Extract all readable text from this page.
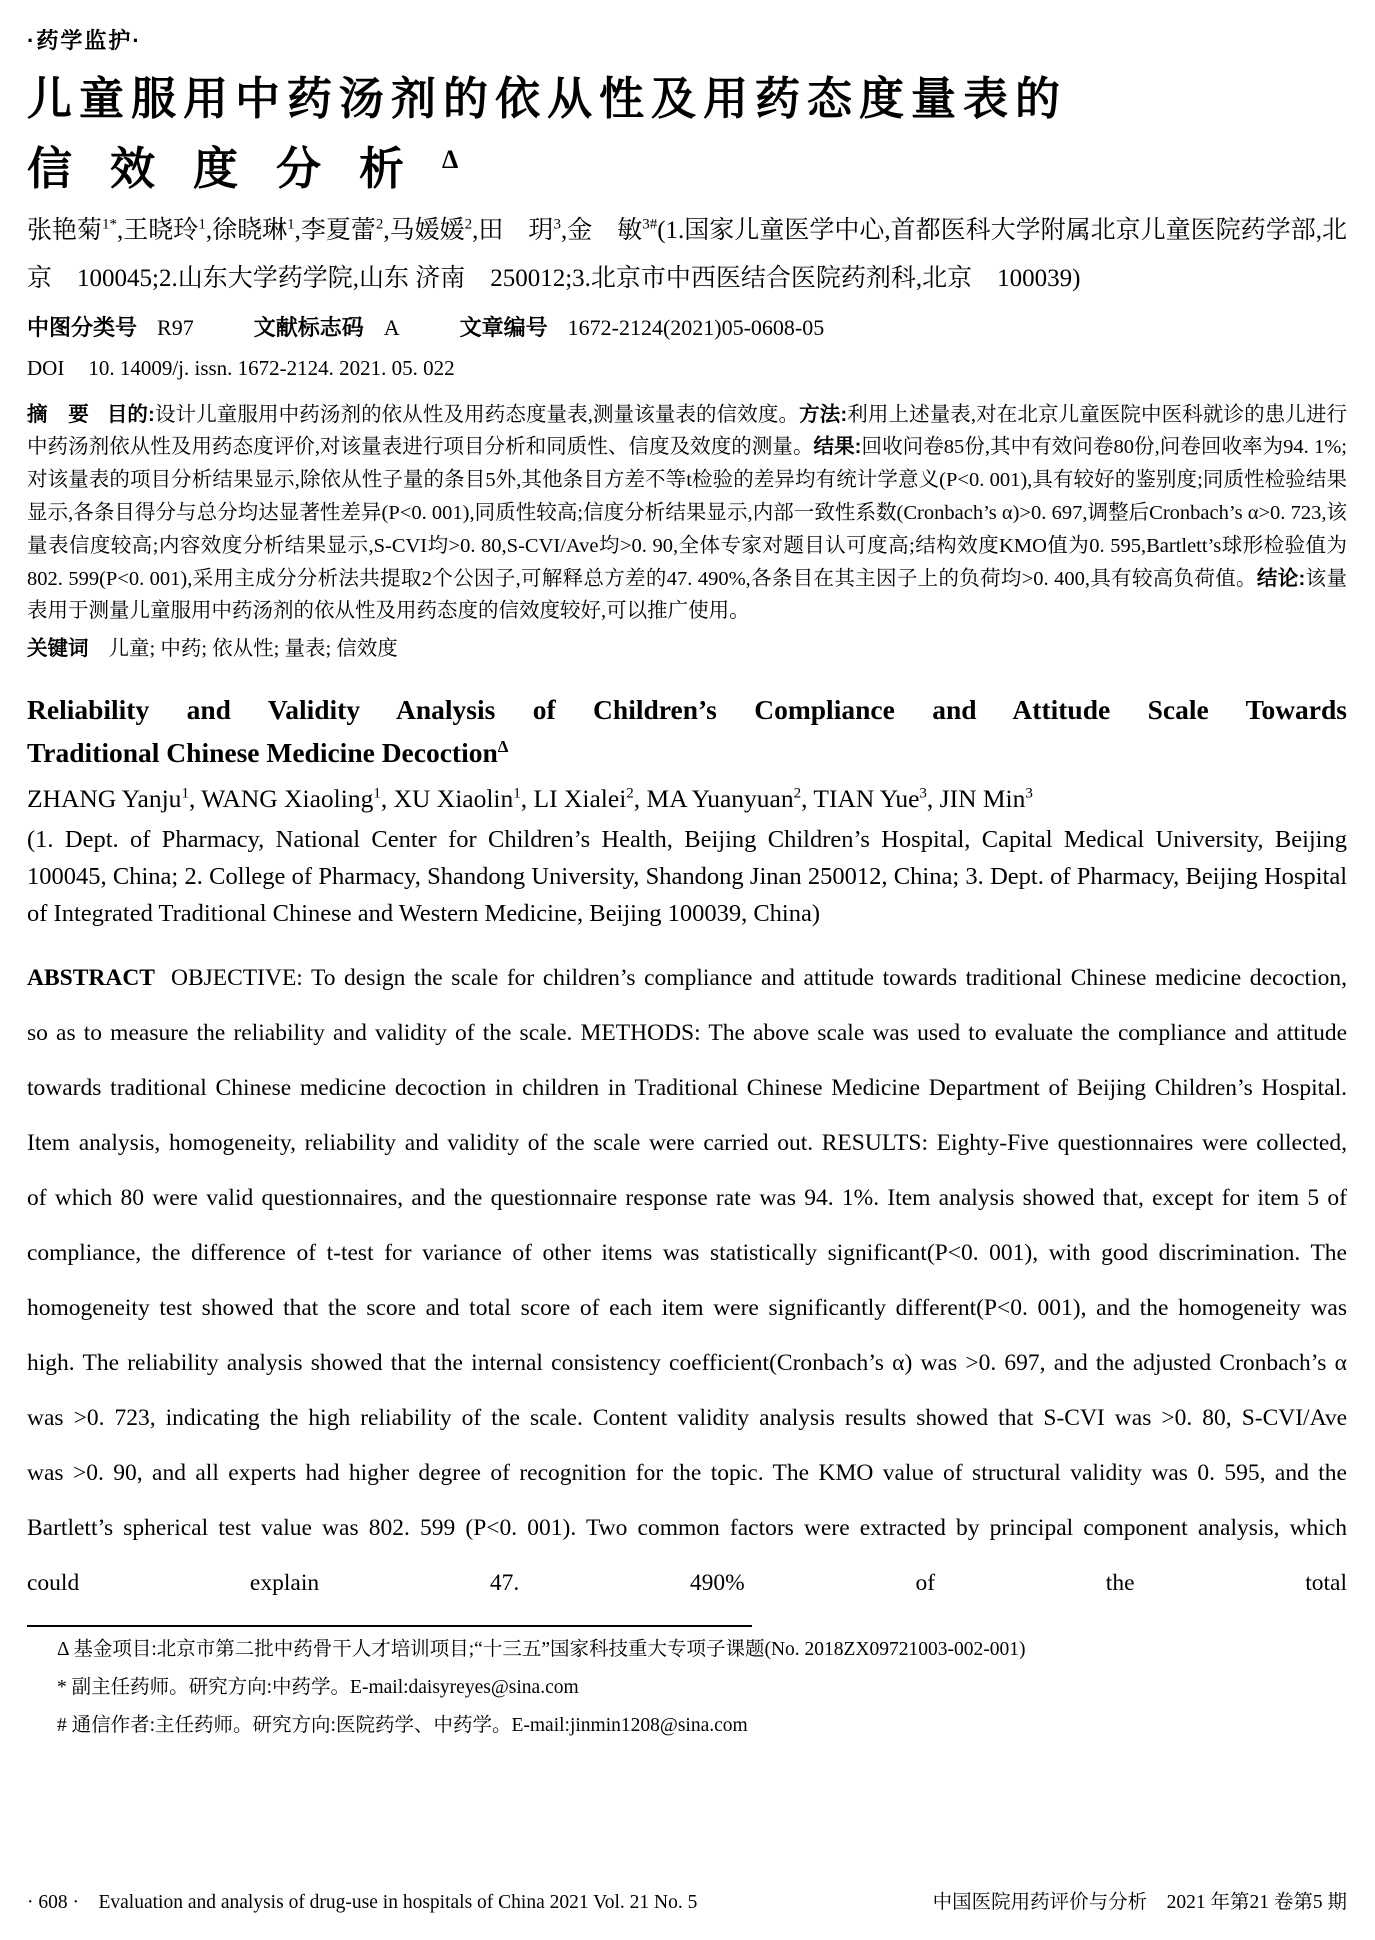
·药学监护·
儿童服用中药汤剂的依从性及用药态度量表的
信效度分析$^\Delta$

张艳菊$^{1*}$,王晓玲$^1$,徐晓琳$^1$,李夏蕾$^2$,马媛媛$^2$,田　玥$^3$,金　敏$^{3\#}$(1.国家儿童医学中心,首都医科大学附属北京儿童医院药学部,北京　100045;2.山东大学药学院,山东 济南　250012;3.北京市中西医结合医院药剂科,北京　100039)

中图分类号 R97	文献标志码 A	文章编号 1672-2124(2021)05-0608-05
DOI 10. 14009/j. issn. 1672-2124. 2021. 05. 022

摘　要 目的:设计儿童服用中药汤剂的依从性及用药态度量表,测量该量表的信效度。方法:利用上述量表,对在北京儿童医院中医科就诊的患儿进行中药汤剂依从性及用药态度评价,对该量表进行项目分析和同质性、信度及效度的测量。结果:回收问卷85份,其中有效问卷80份,问卷回收率为94. 1%;对该量表的项目分析结果显示,除依从性子量的条目5外,其他条目方差不等t检验的差异均有统计学意义(P<0. 001),具有较好的鉴别度;同质性检验结果显示,各条目得分与总分均达显著性差异(P<0. 001),同质性较高;信度分析结果显示,内部一致性系数(Cronbach’s α)>0. 697,调整后Cronbach’s α>0. 723,该量表信度较高;内容效度分析结果显示,S-CVI均>0. 80,S-CVI/Ave均>0. 90,全体专家对题目认可度高;结构效度KMO值为0. 595,Bartlett’s球形检验值为802. 599(P<0. 001),采用主成分分析法共提取2个公因子,可解释总方差的47. 490%,各条目在其主因子上的负荷均>0. 400,具有较高负荷值。结论:该量表用于测量儿童服用中药汤剂的依从性及用药态度的信效度较好,可以推广使用。

关键词 儿童; 中药; 依从性; 量表; 信效度

Reliability and Validity Analysis of Children’s Compliance and Attitude Scale Towards
Traditional Chinese Medicine Decoction$^\Delta$

ZHANG Yanju$^1$, WANG Xiaoling$^1$, XU Xiaolin$^1$, LI Xialei$^2$, MA Yuanyuan$^2$, TIAN Yue$^3$, JIN Min$^3$

(1. Dept. of Pharmacy, National Center for Children’s Health, Beijing Children’s Hospital, Capital Medical University, Beijing 100045, China; 2. College of Pharmacy, Shandong University, Shandong Jinan 250012, China; 3. Dept. of Pharmacy, Beijing Hospital of Integrated Traditional Chinese and Western Medicine, Beijing 100039, China)

ABSTRACT OBJECTIVE: To design the scale for children’s compliance and attitude towards traditional Chinese medicine decoction, so as to measure the reliability and validity of the scale. METHODS: The above scale was used to evaluate the compliance and attitude towards traditional Chinese medicine decoction in children in Traditional Chinese Medicine Department of Beijing Children’s Hospital. Item analysis, homogeneity, reliability and validity of the scale were carried out. RESULTS: Eighty-Five questionnaires were collected, of which 80 were valid questionnaires, and the questionnaire response rate was 94. 1%. Item analysis showed that, except for item 5 of compliance, the difference of t-test for variance of other items was statistically significant(P<0. 001), with good discrimination. The homogeneity test showed that the score and total score of each item were significantly different(P<0. 001), and the homogeneity was high. The reliability analysis showed that the internal consistency coefficient(Cronbach’s α) was >0. 697, and the adjusted Cronbach’s α was >0. 723, indicating the high reliability of the scale. Content validity analysis results showed that S-CVI was >0. 80, S-CVI/Ave was >0. 90, and all experts had higher degree of recognition for the topic. The KMO value of structural validity was 0. 595, and the Bartlett’s spherical test value was 802. 599 (P<0. 001). Two common factors were extracted by principal component analysis, which could explain 47. 490% of the total

Δ 基金项目:北京市第二批中药骨干人才培训项目;“十三五”国家科技重大专项子课题(No. 2018ZX09721003-002-001)

* 副主任药师。研究方向:中药学。E-mail:daisyreyes@sina.com

# 通信作者:主任药师。研究方向:医院药学、中药学。E-mail:jinmin1208@sina.com

· 608 ·　Evaluation and analysis of drug-use in hospitals of China 2021 Vol. 21 No. 5	中国医院用药评价与分析　2021 年第21 卷第5 期
